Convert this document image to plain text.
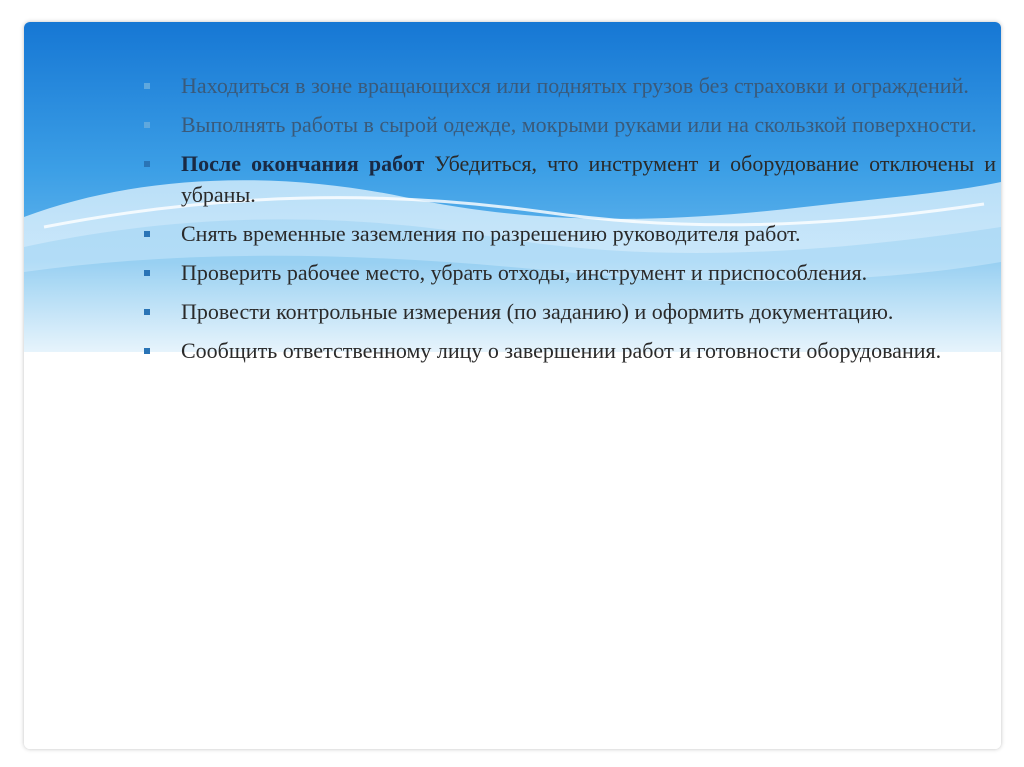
Находиться в зоне вращающихся или поднятых грузов без страховки и ограждений.
Выполнять работы в сырой одежде, мокрыми руками или на скользкой поверхности.
После окончания работ Убедиться, что инструмент и оборудование отключены и убраны.
Снять временные заземления по разрешению руководителя работ.
Проверить рабочее место, убрать отходы, инструмент и приспособления.
Провести контрольные измерения (по заданию) и оформить документацию.
Сообщить ответственному лицу о завершении работ и готовности оборудования.
